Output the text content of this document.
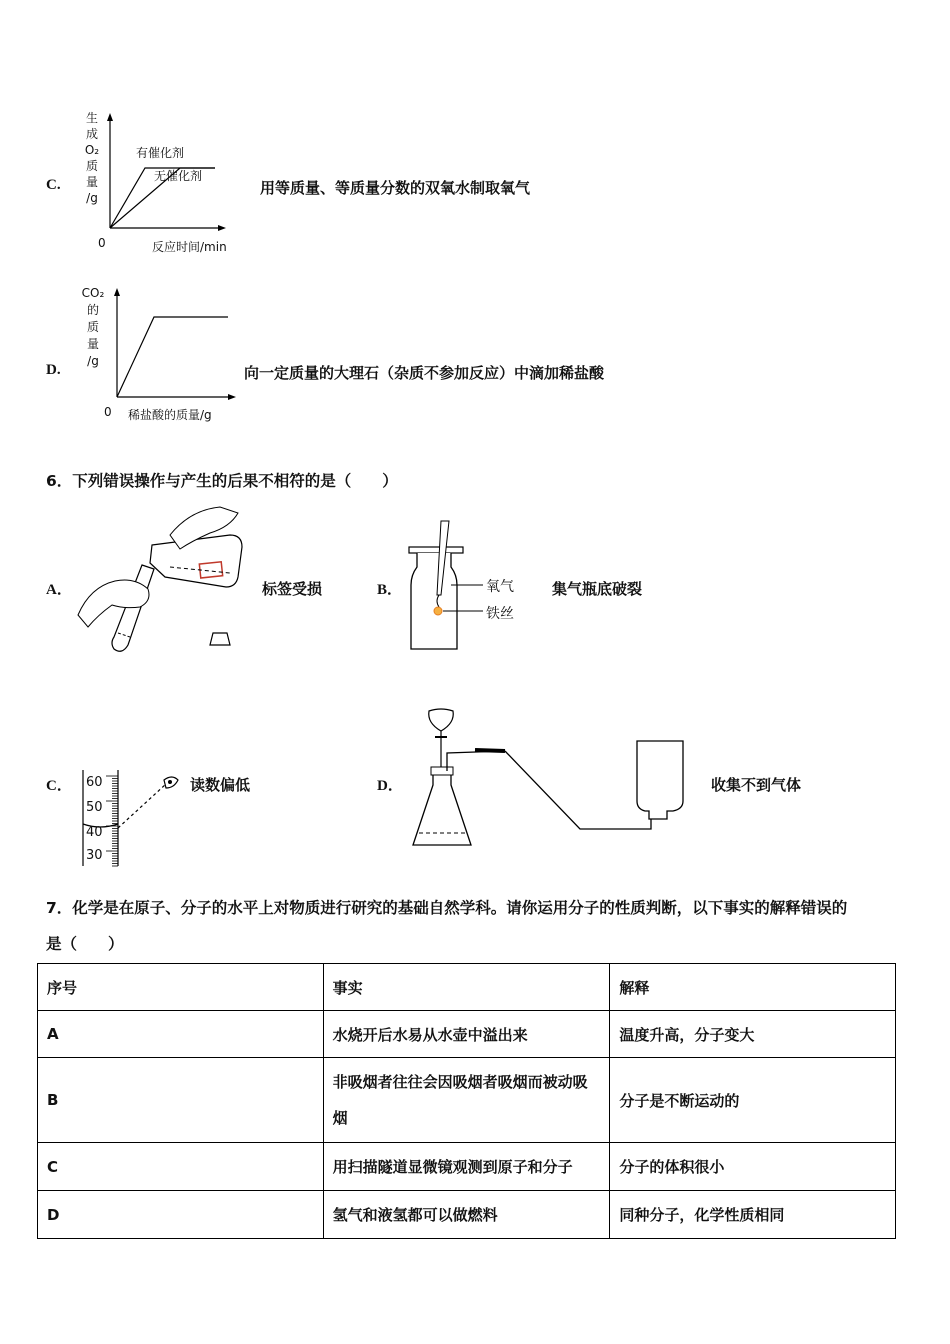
C.
生
成
O₂
质
量
/g
有催化剂
无催化剂
0	反应时间/min
用等质量、等质量分数的双氧水制取氧气
D.
CO₂
的
质
量
/g
0 稀盐酸的质量/g
向一定质量的大理石（杂质不参加反应）中滴加稀盐酸
6．下列错误操作与产生的后果不相符的是（　　）
A．	标签受损	B．	氧气
铁丝
集气瓶底破裂
C． 60
50
40
30
读数偏低	D．	收集不到气体
7．化学是在原子、分子的水平上对物质进行研究的基础自然学科。请你运用分子的性质判断，以下事实的解释错误的
是（　　）
序号	事实	解释
A	水烧开后水易从水壶中溢出来	温度升高，分子变大
B	非吸烟者往往会因吸烟者吸烟而被动吸烟	分子是不断运动的
C	用扫描隧道显微镜观测到原子和分子	分子的体积很小
D	氢气和液氢都可以做燃料	同种分子，化学性质相同
